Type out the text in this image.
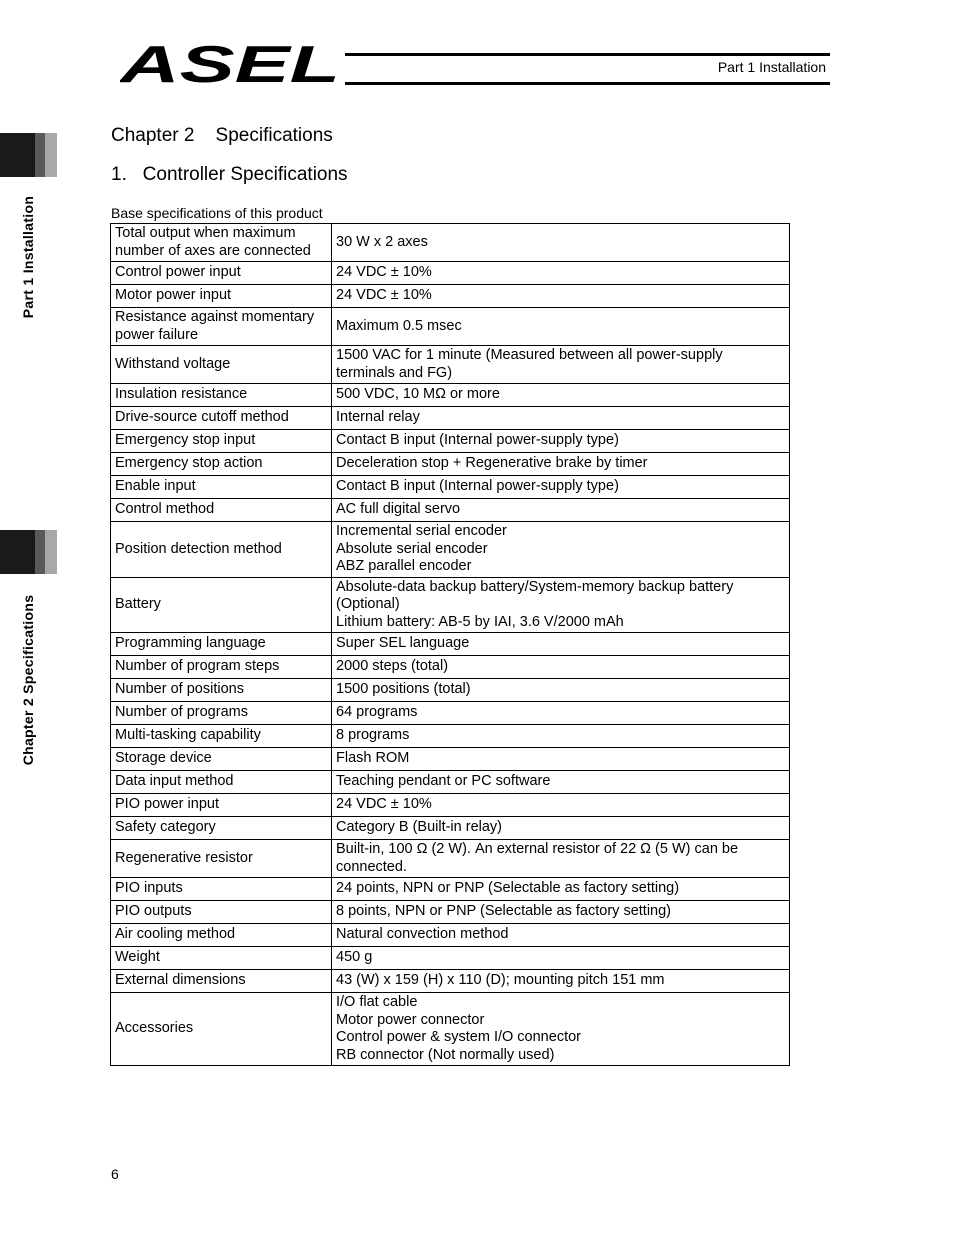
ASEL	Part 1 Installation
Part 1 Installation
Chapter 2 Specifications
Chapter 2    Specifications
1.   Controller Specifications
Base specifications of this product
Total output when maximum number of axes are connected	30 W x 2 axes
Control power input	24 VDC ± 10%
Motor power input	24 VDC ± 10%
Resistance against momentary power failure	Maximum 0.5 msec
Withstand voltage	1500 VAC for 1 minute (Measured between all power-supply terminals and FG)
Insulation resistance	500 VDC, 10 MΩ or more
Drive-source cutoff method	Internal relay
Emergency stop input	Contact B input (Internal power-supply type)
Emergency stop action	Deceleration stop + Regenerative brake by timer
Enable input	Contact B input (Internal power-supply type)
Control method	AC full digital servo
Position detection method	Incremental serial encoder
Absolute serial encoder
ABZ parallel encoder
Battery	Absolute-data backup battery/System-memory backup battery (Optional)
Lithium battery: AB-5 by IAI, 3.6 V/2000 mAh
Programming language	Super SEL language
Number of program steps	2000 steps (total)
Number of positions	1500 positions (total)
Number of programs	64 programs
Multi-tasking capability	8 programs
Storage device	Flash ROM
Data input method	Teaching pendant or PC software
PIO power input	24 VDC ± 10%
Safety category	Category B (Built-in relay)
Regenerative resistor	Built-in, 100 Ω (2 W). An external resistor of 22 Ω (5 W) can be connected.
PIO inputs	24 points, NPN or PNP (Selectable as factory setting)
PIO outputs	8 points, NPN or PNP (Selectable as factory setting)
Air cooling method	Natural convection method
Weight	450 g
External dimensions	43 (W) x 159 (H) x 110 (D); mounting pitch 151 mm
Accessories	I/O flat cable
Motor power connector
Control power & system I/O connector
RB connector (Not normally used)
6
